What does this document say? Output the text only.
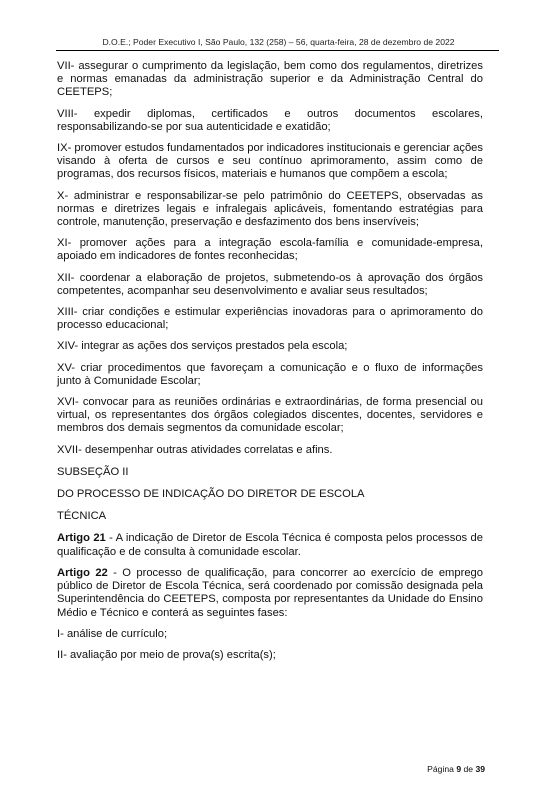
D.O.E.; Poder Executivo I, São Paulo, 132 (258) – 56, quarta-feira, 28 de dezembro de 2022

VII- assegurar o cumprimento da legislação, bem como dos regulamentos, diretrizes e normas emanadas da administração superior e da Administração Central do CEETEPS;

VIII- expedir diplomas, certificados e outros documentos escolares, responsabilizando-se por sua autenticidade e exatidão;

IX- promover estudos fundamentados por indicadores institucionais e gerenciar ações visando à oferta de cursos e seu contínuo aprimoramento, assim como de programas, dos recursos físicos, materiais e humanos que compõem a escola;

X- administrar e responsabilizar-se pelo patrimônio do CEETEPS, observadas as normas e diretrizes legais e infralegais aplicáveis, fomentando estratégias para controle, manutenção, preservação e desfazimento dos bens inservíveis;

XI- promover ações para a integração escola-família e comunidade-empresa, apoiado em indicadores de fontes reconhecidas;

XII- coordenar a elaboração de projetos, submetendo-os à aprovação dos órgãos competentes, acompanhar seu desenvolvimento e avaliar seus resultados;

XIII- criar condições e estimular experiências inovadoras para o aprimoramento do processo educacional;

XIV- integrar as ações dos serviços prestados pela escola;

XV- criar procedimentos que favoreçam a comunicação e o fluxo de informações junto à Comunidade Escolar;

XVI- convocar para as reuniões ordinárias e extraordinárias, de forma presencial ou virtual, os representantes dos órgãos colegiados discentes, docentes, servidores e membros dos demais segmentos da comunidade escolar;

XVII- desempenhar outras atividades correlatas e afins.

SUBSEÇÃO II

DO PROCESSO DE INDICAÇÃO DO DIRETOR DE ESCOLA

TÉCNICA

Artigo 21 - A indicação de Diretor de Escola Técnica é composta pelos processos de qualificação e de consulta à comunidade escolar.

Artigo 22 - O processo de qualificação, para concorrer ao exercício de emprego público de Diretor de Escola Técnica, será coordenado por comissão designada pela Superintendência do CEETEPS, composta por representantes da Unidade do Ensino Médio e Técnico e conterá as seguintes fases:

I- análise de currículo;

II- avaliação por meio de prova(s) escrita(s);

Página 9 de 39
